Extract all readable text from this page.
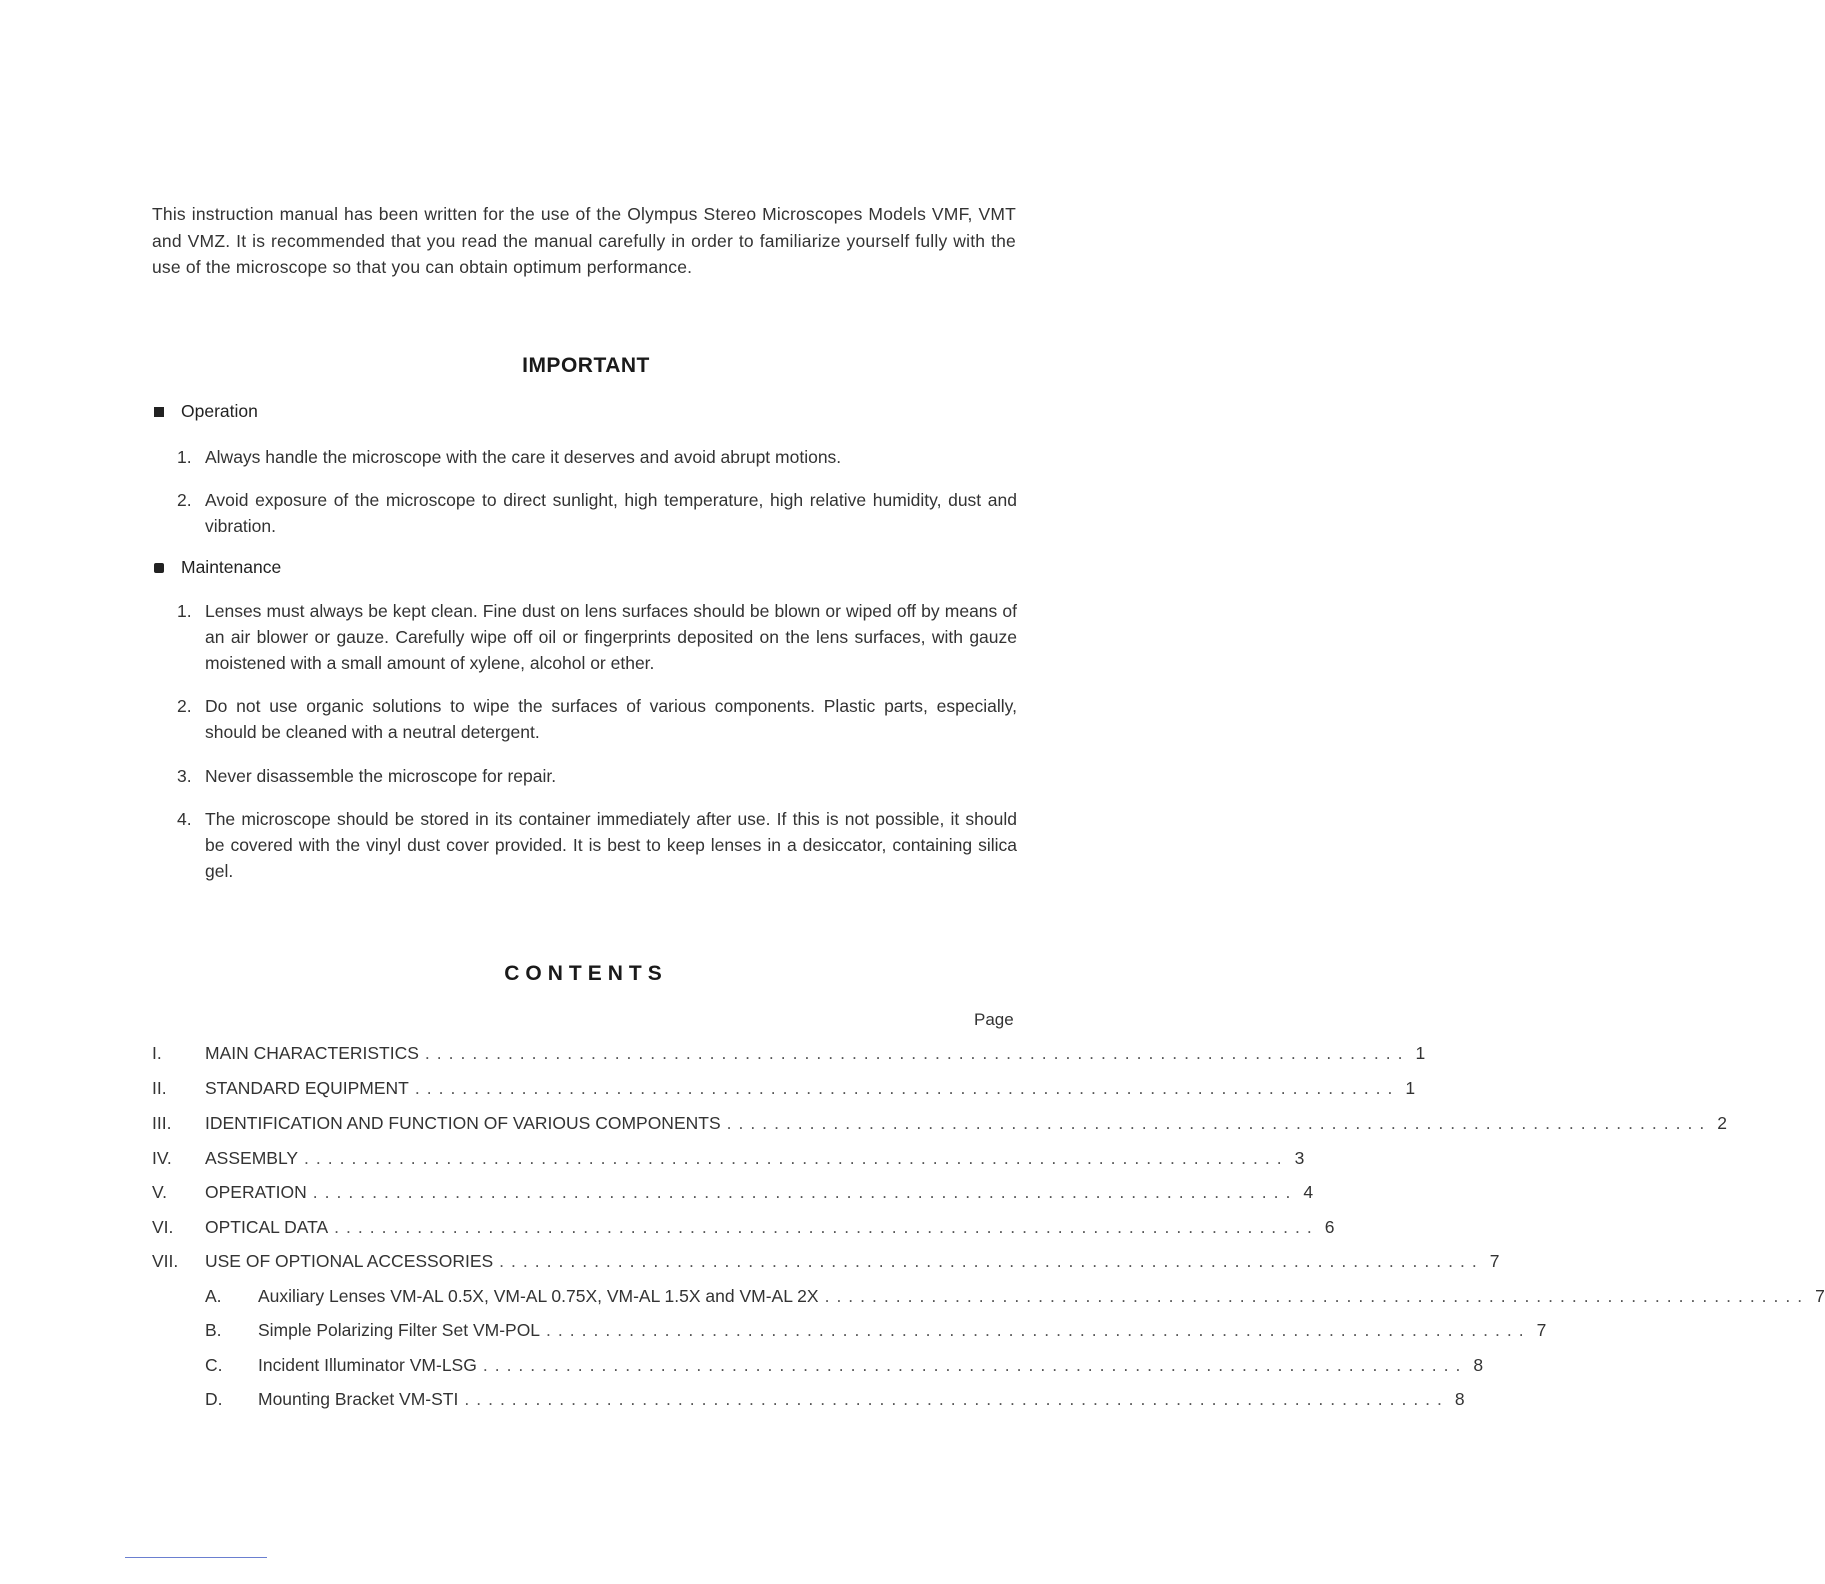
This instruction manual has been written for the use of the Olympus Stereo Microscopes Models VMF, VMT and VMZ. It is recommended that you read the manual carefully in order to familiarize yourself fully with the use of the microscope so that you can obtain optimum performance.

IMPORTANT
Operation
1. Always handle the microscope with the care it deserves and avoid abrupt motions.
2. Avoid exposure of the microscope to direct sunlight, high temperature, high relative humidity, dust and vibration.
Maintenance
1. Lenses must always be kept clean. Fine dust on lens surfaces should be blown or wiped off by means of an air blower or gauze. Carefully wipe off oil or fingerprints deposited on the lens surfaces, with gauze moistened with a small amount of xylene, alcohol or ether.
2. Do not use organic solutions to wipe the surfaces of various components. Plastic parts, especially, should be cleaned with a neutral detergent.
3. Never disassemble the microscope for repair.
4. The microscope should be stored in its container immediately after use. If this is not possible, it should be covered with the vinyl dust cover provided. It is best to keep lenses in a desiccator, containing silica gel.
CONTENTS
Page
I. MAIN CHARACTERISTICS ................................................................................... 1
II. STANDARD EQUIPMENT ................................................................................... 1
III. IDENTIFICATION AND FUNCTION OF VARIOUS COMPONENTS ................................................................................... 2
IV. ASSEMBLY ................................................................................... 3
V. OPERATION ................................................................................... 4
VI. OPTICAL DATA ................................................................................... 6
VII. USE OF OPTIONAL ACCESSORIES ................................................................................... 7
A. Auxiliary Lenses VM-AL 0.5X, VM-AL 0.75X, VM-AL 1.5X and VM-AL 2X ................................................................................... 7
B. Simple Polarizing Filter Set VM-POL ................................................................................... 7
C. Incident Illuminator VM-LSG ................................................................................... 8
D. Mounting Bracket VM-STI ................................................................................... 8
